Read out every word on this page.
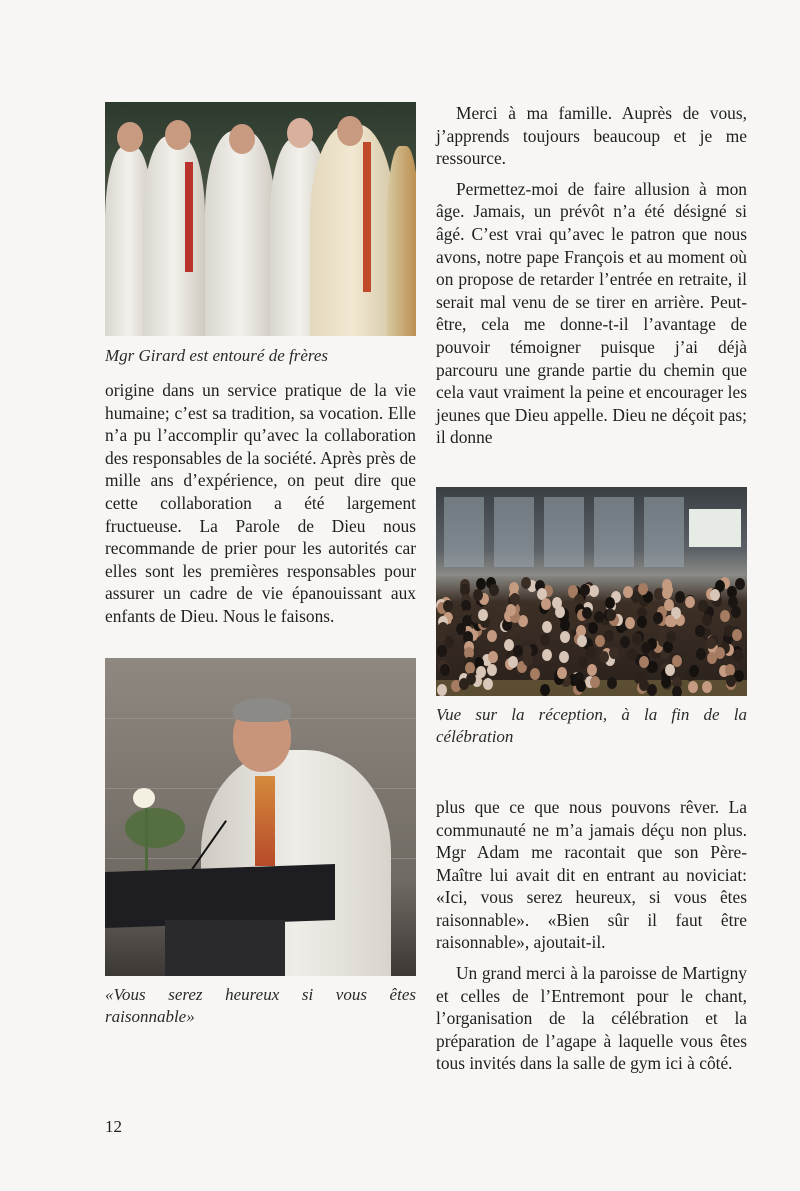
Mgr Girard est entouré de frères

origine dans un service pratique de la vie humaine; c’est sa tradition, sa vocation. Elle n’a pu l’accomplir qu’avec la collaboration des responsables de la société. Après près de mille ans d’expérience, on peut dire que cette collaboration a été largement fructueuse. La Parole de Dieu nous recommande de prier pour les autorités car elles sont les premières responsables pour assurer un cadre de vie épanouissant aux enfants de Dieu. Nous le faisons.

«Vous serez heureux si vous êtes raisonnable»

Merci à ma famille. Auprès de vous, j’apprends toujours beaucoup et je me ressource.

Permettez-moi de faire allusion à mon âge. Jamais, un prévôt n’a été désigné si âgé. C’est vrai qu’avec le patron que nous avons, notre pape François et au moment où on propose de retarder l’entrée en retraite, il serait mal venu de se tirer en arrière. Peut-être, cela me donne-t-il l’avantage de pouvoir témoigner puisque j’ai déjà parcouru une grande partie du chemin que cela vaut vraiment la peine et encourager les jeunes que Dieu appelle. Dieu ne déçoit pas; il donne

Vue sur la réception, à la fin de la célébration

plus que ce que nous pouvons rêver. La communauté ne m’a jamais déçu non plus. Mgr Adam me racontait que son Père-Maître lui avait dit en entrant au noviciat: «Ici, vous serez heureux, si vous êtes raisonnable». «Bien sûr il faut être raisonnable», ajoutait-il.

Un grand merci à la paroisse de Martigny et celles de l’Entremont pour le chant, l’organisation de la célébration et la préparation de l’agape à laquelle vous êtes tous invités dans la salle de gym ici à côté.

12
